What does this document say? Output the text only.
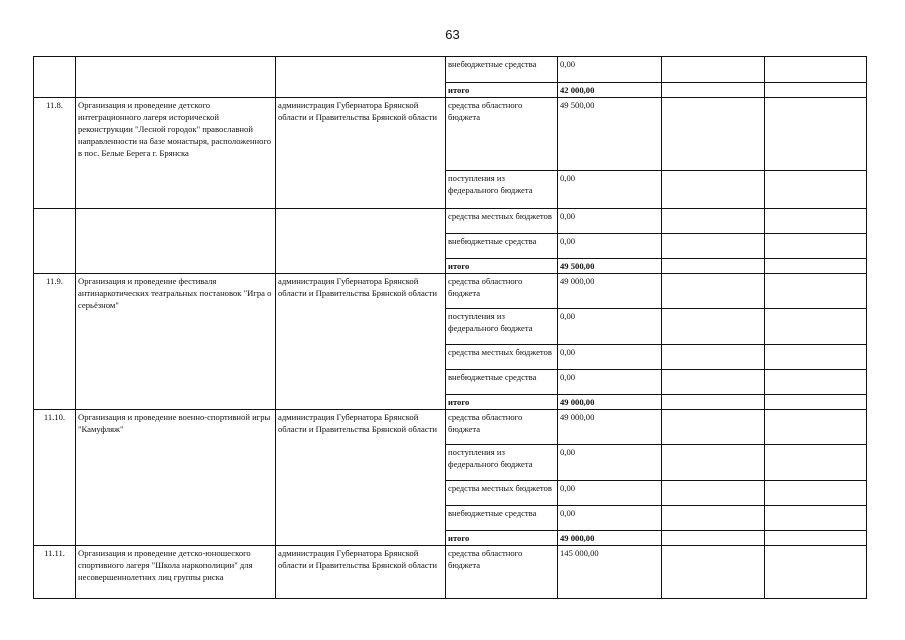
63
			внебюджетные средства	0,00		
			итого	42 000,00		
11.8.	Организация и проведение детского интеграционного лагеря исторической реконструкции "Лесной городок" православной направленности на базе монастыря, расположенного в пос. Белые Берега г. Брянска	администрация Губернатора Брянской области и Правительства Брянской области	средства областного бюджета	49 500,00		
			поступления из федерального бюджета	0,00		
			средства местных бюджетов	0,00		
			внебюджетные средства	0,00		
			итого	49 500,00		
11.9.	Организация и проведение фестиваля антинаркотических театральных постановок "Игра о серьёзном"	администрация Губернатора Брянской области и Правительства Брянской области	средства областного бюджета	49 000,00		
			поступления из федерального бюджета	0,00		
			средства местных бюджетов	0,00		
			внебюджетные средства	0,00		
			итого	49 000,00		
11.10.	Организация и проведение военно-спортивной игры "Камуфляж"	администрация Губернатора Брянской области и Правительства Брянской области	средства областного бюджета	49 000,00		
			поступления из федерального бюджета	0,00		
			средства местных бюджетов	0,00		
			внебюджетные средства	0,00		
			итого	49 000,00		
11.11.	Организация и проведение детско-юношеского спортивного лагеря "Школа наркополиции" для несовершеннолетних лиц группы риска	администрация Губернатора Брянской области и Правительства Брянской области	средства областного бюджета	145 000,00		
